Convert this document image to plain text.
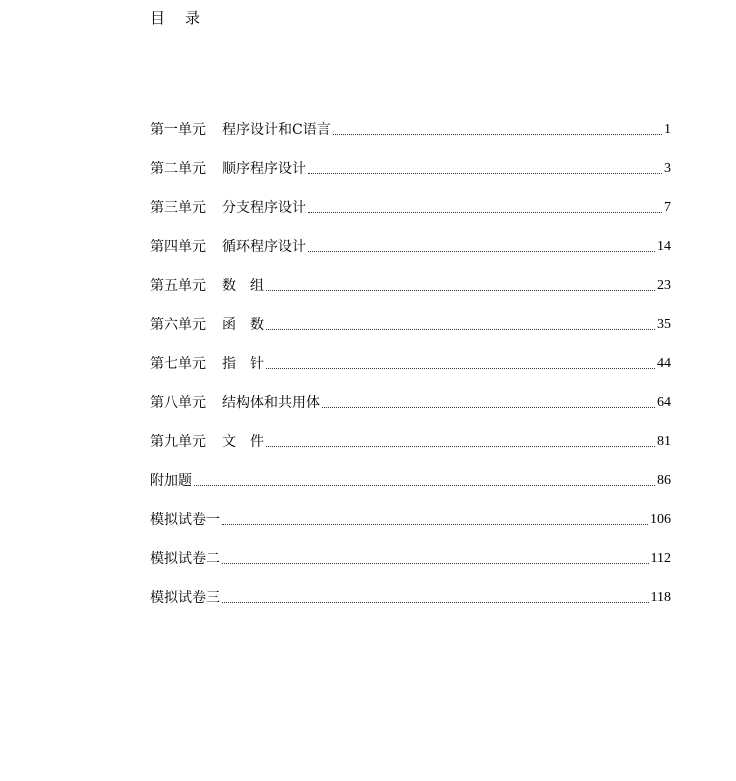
目录
第一单元 程序设计和C语言	1
第二单元 顺序程序设计	3
第三单元 分支程序设计	7
第四单元 循环程序设计	14
第五单元 数　组	23
第六单元 函　数	35
第七单元 指　针	44
第八单元 结构体和共用体	64
第九单元 文　件	81
附加题	86
模拟试卷一	106
模拟试卷二	112
模拟试卷三	118
